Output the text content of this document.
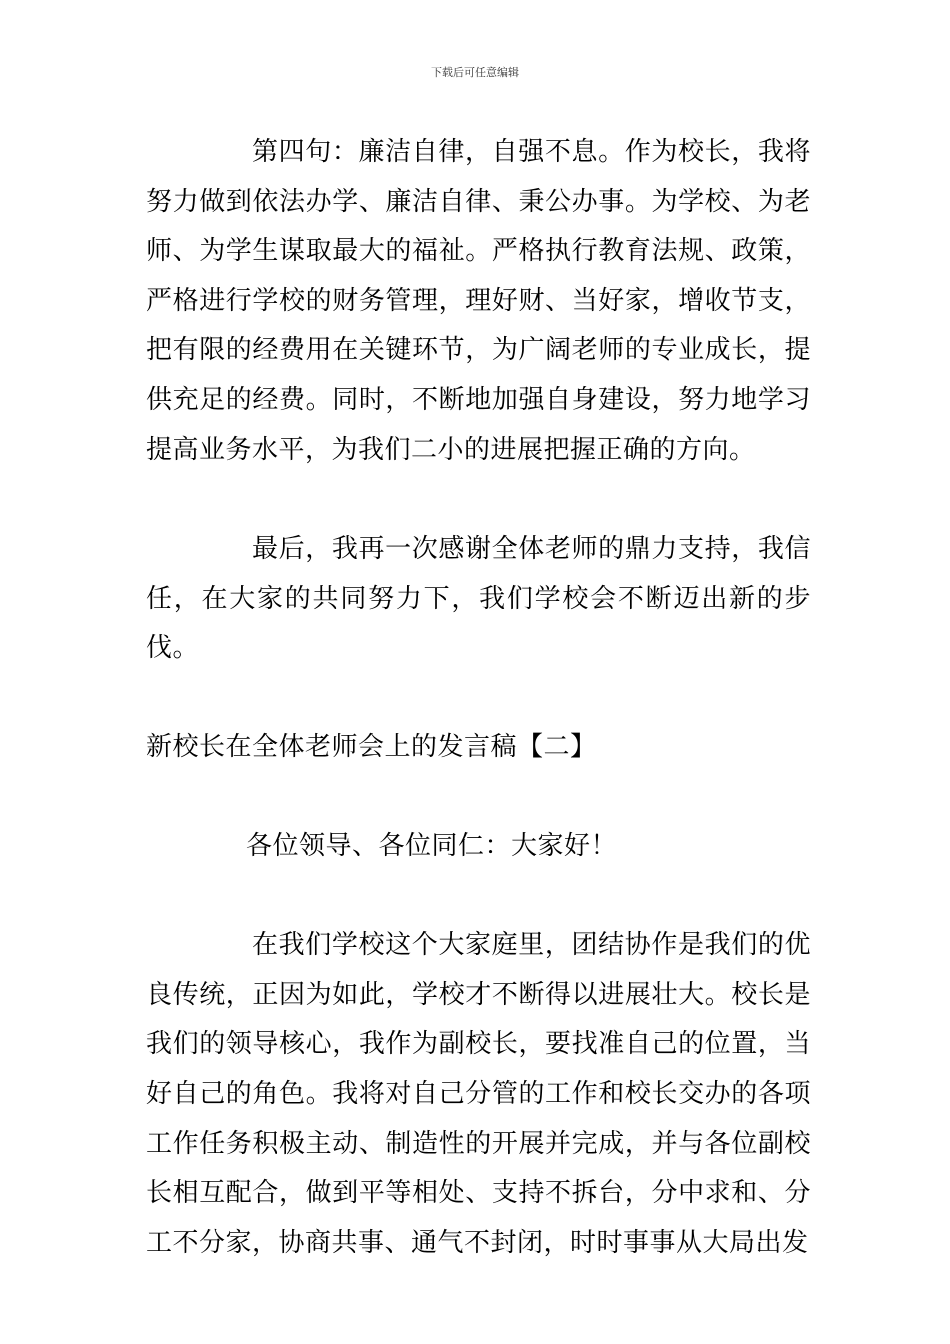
下载后可任意编辑

第四句：廉洁自律，自强不息。作为校长，我将努力做到依法办学、廉洁自律、秉公办事。为学校、为老师、为学生谋取最大的福祉。严格执行教育法规、政策，严格进行学校的财务管理，理好财、当好家，增收节支，把有限的经费用在关键环节，为广阔老师的专业成长，提供充足的经费。同时，不断地加强自身建设，努力地学习提高业务水平，为我们二小的进展把握正确的方向。

最后，我再一次感谢全体老师的鼎力支持，我信任，在大家的共同努力下，我们学校会不断迈出新的步伐。

新校长在全体老师会上的发言稿【二】

各位领导、各位同仁：大家好！

在我们学校这个大家庭里，团结协作是我们的优良传统，正因为如此，学校才不断得以进展壮大。校长是我们的领导核心，我作为副校长，要找准自己的位置，当好自己的角色。我将对自己分管的工作和校长交办的各项工作任务积极主动、制造性的开展并完成，并与各位副校长相互配合，做到平等相处、支持不拆台，分中求和、分工不分家，协商共事、通气不封闭，时时事事从大局出发
